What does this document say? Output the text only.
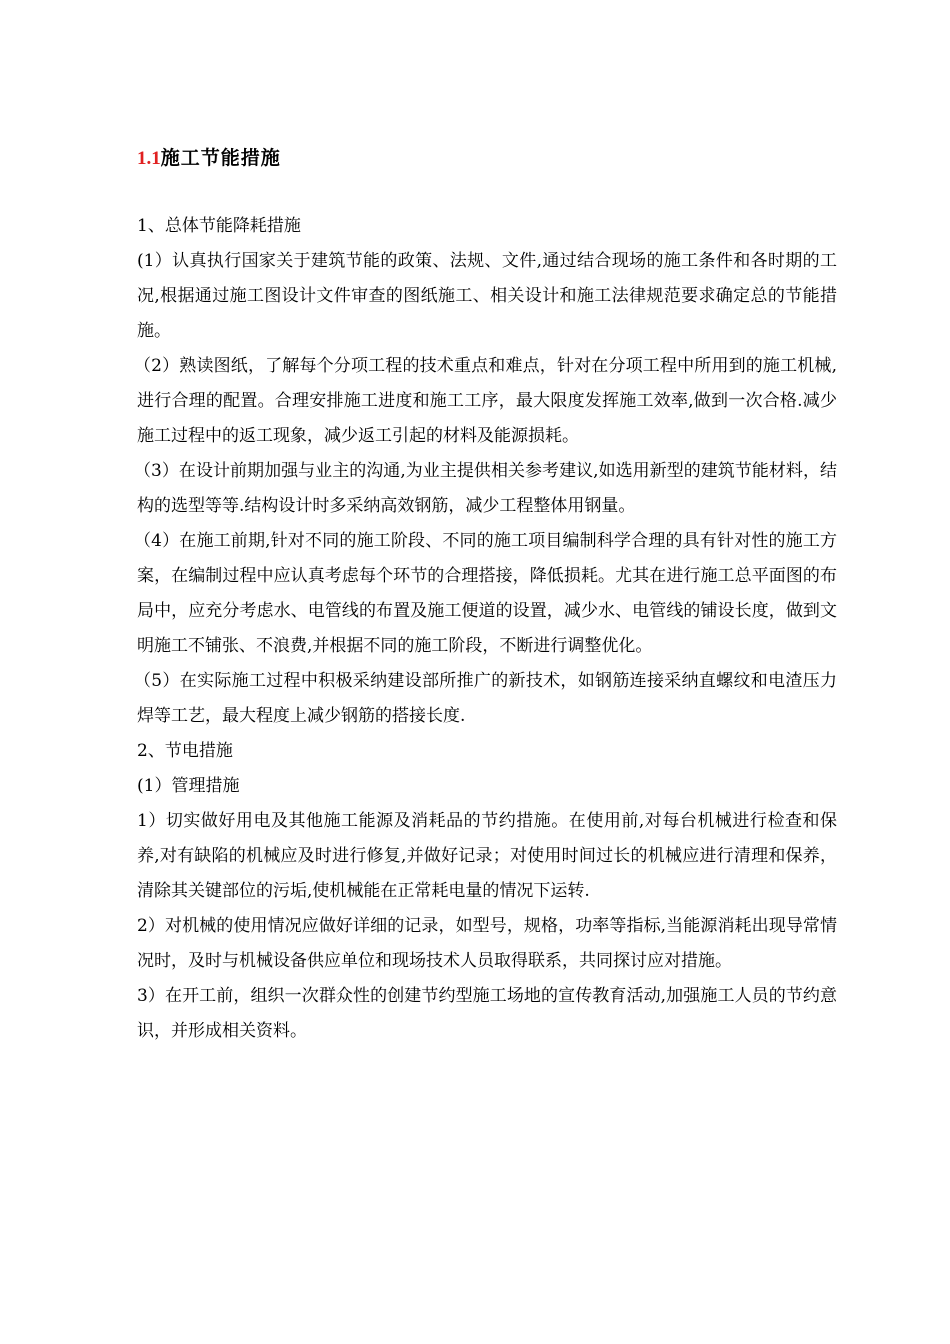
1.1施工节能措施

1、总体节能降耗措施

(1）认真执行国家关于建筑节能的政策、法规、文件,通过结合现场的施工条件和各时期的工况,根据通过施工图设计文件审查的图纸施工、相关设计和施工法律规范要求确定总的节能措施。

（2）熟读图纸，了解每个分项工程的技术重点和难点，针对在分项工程中所用到的施工机械,进行合理的配置。合理安排施工进度和施工工序，最大限度发挥施工效率,做到一次合格.减少施工过程中的返工现象，减少返工引起的材料及能源损耗。

（3）在设计前期加强与业主的沟通,为业主提供相关参考建议,如选用新型的建筑节能材料，结构的选型等等.结构设计时多采纳高效钢筋，减少工程整体用钢量。

（4）在施工前期,针对不同的施工阶段、不同的施工项目编制科学合理的具有针对性的施工方案，在编制过程中应认真考虑每个环节的合理搭接，降低损耗。尤其在进行施工总平面图的布局中，应充分考虑水、电管线的布置及施工便道的设置，减少水、电管线的铺设长度，做到文明施工不铺张、不浪费,并根据不同的施工阶段，不断进行调整优化。

（5）在实际施工过程中积极采纳建设部所推广的新技术，如钢筋连接采纳直螺纹和电渣压力焊等工艺，最大程度上减少钢筋的搭接长度.

2、节电措施

(1）管理措施

1）切实做好用电及其他施工能源及消耗品的节约措施。在使用前,对每台机械进行检查和保养,对有缺陷的机械应及时进行修复,并做好记录；对使用时间过长的机械应进行清理和保养，清除其关键部位的污垢,使机械能在正常耗电量的情况下运转.

2）对机械的使用情况应做好详细的记录，如型号，规格，功率等指标,当能源消耗出现导常情况时，及时与机械设备供应单位和现场技术人员取得联系，共同探讨应对措施。

3）在开工前，组织一次群众性的创建节约型施工场地的宣传教育活动,加强施工人员的节约意识，并形成相关资料。
